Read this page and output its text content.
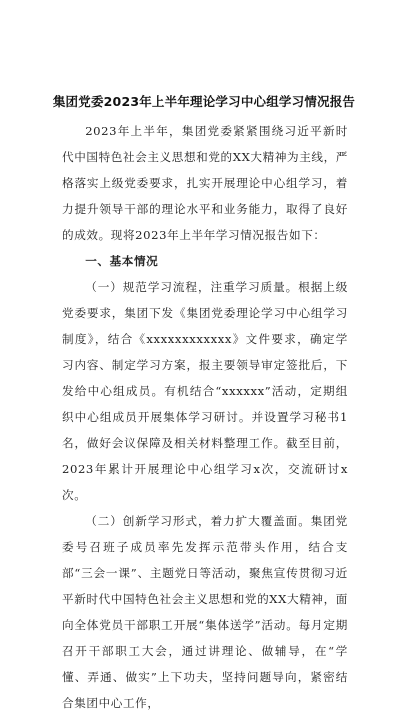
集团党委2023年上半年理论学习中心组学习情况报告

2023年上半年，集团党委紧紧围绕习近平新时代中国特色社会主义思想和党的XX大精神为主线，严格落实上级党委要求，扎实开展理论中心组学习，着力提升领导干部的理论水平和业务能力，取得了良好的成效。现将2023年上半年学习情况报告如下：

一、基本情况

（一）规范学习流程，注重学习质量。根据上级党委要求，集团下发《集团党委理论学习中心组学习制度》，结合《xxxxxxxxxxxx》文件要求，确定学习内容、制定学习方案，报主要领导审定签批后，下发给中心组成员。有机结合“xxxxxx”活动，定期组织中心组成员开展集体学习研讨。并设置学习秘书1名，做好会议保障及相关材料整理工作。截至目前，2023年累计开展理论中心组学习x次，交流研讨x次。

（二）创新学习形式，着力扩大覆盖面。集团党委号召班子成员率先发挥示范带头作用，结合支部“三会一课”、主题党日等活动，聚焦宣传贯彻习近平新时代中国特色社会主义思想和党的XX大精神，面向全体党员干部职工开展“集体送学”活动。每月定期召开干部职工大会，通过讲理论、做辅导，在“学懂、弄通、做实”上下功夫，坚持问题导向，紧密结合集团中心工作，
